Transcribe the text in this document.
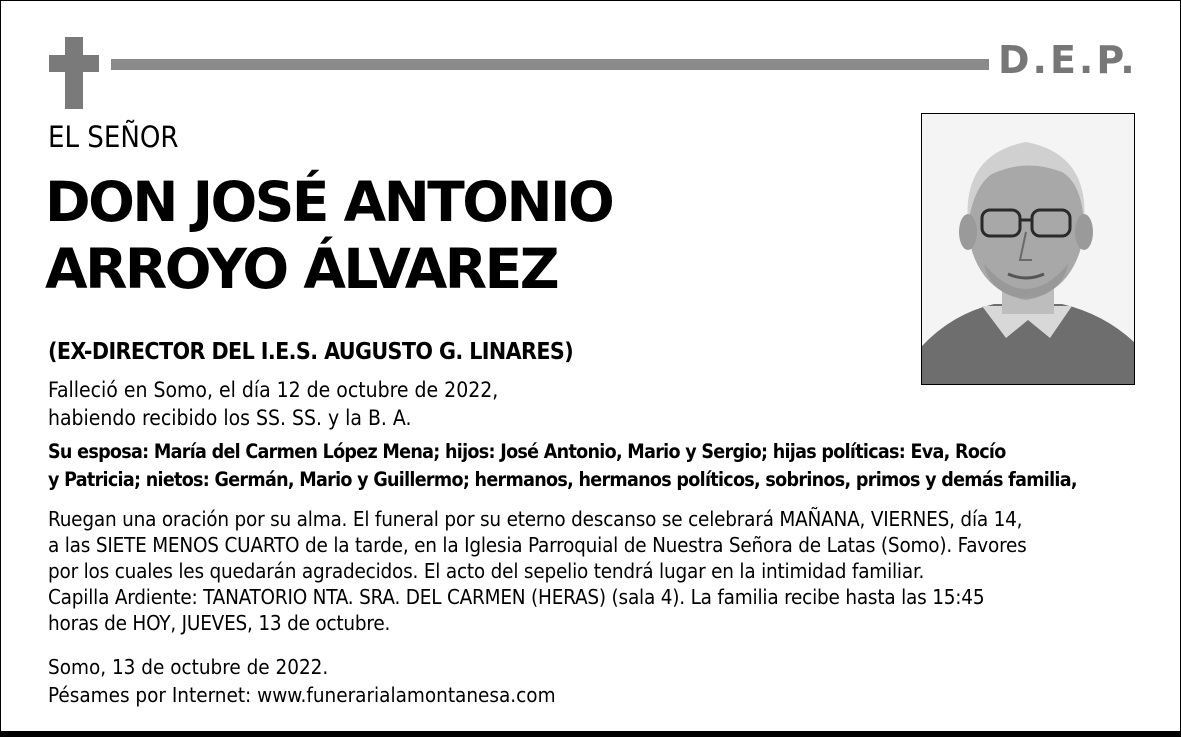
D.E.P.
EL SEÑOR
DON JOSÉ ANTONIO
ARROYO ÁLVAREZ
(EX-DIRECTOR DEL I.E.S. AUGUSTO G. LINARES)
Falleció en Somo, el día 12 de octubre de 2022,
habiendo recibido los SS. SS. y la B. A.
Su esposa: María del Carmen López Mena; hijos: José Antonio, Mario y Sergio; hijas políticas: Eva, Rocío
y Patricia; nietos: Germán, Mario y Guillermo; hermanos, hermanos políticos, sobrinos, primos y demás familia,
Ruegan una oración por su alma. El funeral por su eterno descanso se celebrará MAÑANA, VIERNES, día 14,
a las SIETE MENOS CUARTO de la tarde, en la Iglesia Parroquial de Nuestra Señora de Latas (Somo). Favores
por los cuales les quedarán agradecidos. El acto del sepelio tendrá lugar en la intimidad familiar.
Capilla Ardiente: TANATORIO NTA. SRA. DEL CARMEN (HERAS) (sala 4). La familia recibe hasta las 15:45
horas de HOY, JUEVES, 13 de octubre.
Somo, 13 de octubre de 2022.
Pésames por Internet: www.funerarialamontanesa.com
